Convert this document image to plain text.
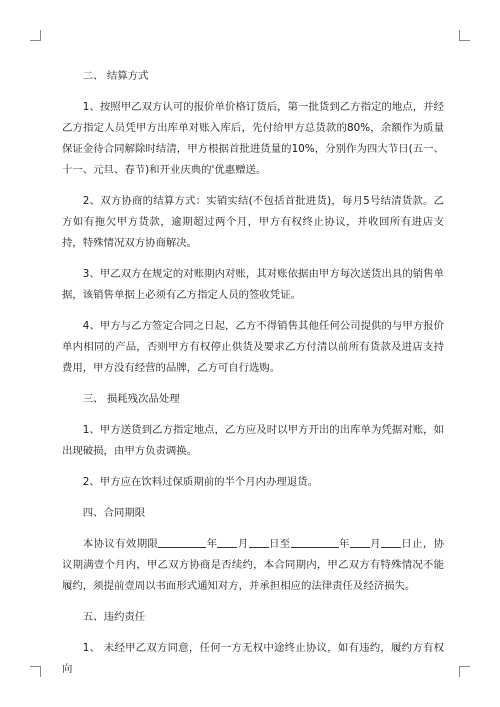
二、 结算方式

1、按照甲乙双方认可的报价单价格订货后，第一批货到乙方指定的地点，并经乙方指定人员凭甲方出库单对账入库后，先付给甲方总货款的80%，余额作为质量保证金待合同解除时结清，甲方根据首批进货量的10%，分别作为四大节日(五一、十一、元旦、春节)和开业庆典的'优惠赠送。

2、双方协商的结算方式：实销实结(不包括首批进货)，每月5号结清货款。乙方如有拖欠甲方货款，逾期超过两个月，甲方有权终止协议，并收回所有进店支持，特殊情况双方协商解决。

3、甲乙双方在规定的对账期内对账，其对账依据由甲方每次送货出具的销售单据，该销售单据上必须有乙方指定人员的签收凭证。

4、甲方与乙方签定合同之日起，乙方不得销售其他任何公司提供的与甲方报价单内相同的产品，否则甲方有权停止供货及要求乙方付清以前所有货款及进店支持费用，甲方没有经营的品牌，乙方可自行选购。

三、 损耗残次品处理

1、甲方送货到乙方指定地点，乙方应及时以甲方开出的出库单为凭据对账，如出现破损，由甲方负责调换。

2、甲方应在饮料过保质期前的半个月内办理退货。

四、合同期限

本协议有效期限	年 月 日至	年 月 日止，协议期满壹个月内，甲乙双方协商是否续约，本合同期内，甲乙双方有特殊情况不能履约，须提前壹周以书面形式通知对方，并承担相应的法律责任及经济损失。

五、违约责任

1、 未经甲乙双方同意，任何一方无权中途终止协议，如有违约，履约方有权向
